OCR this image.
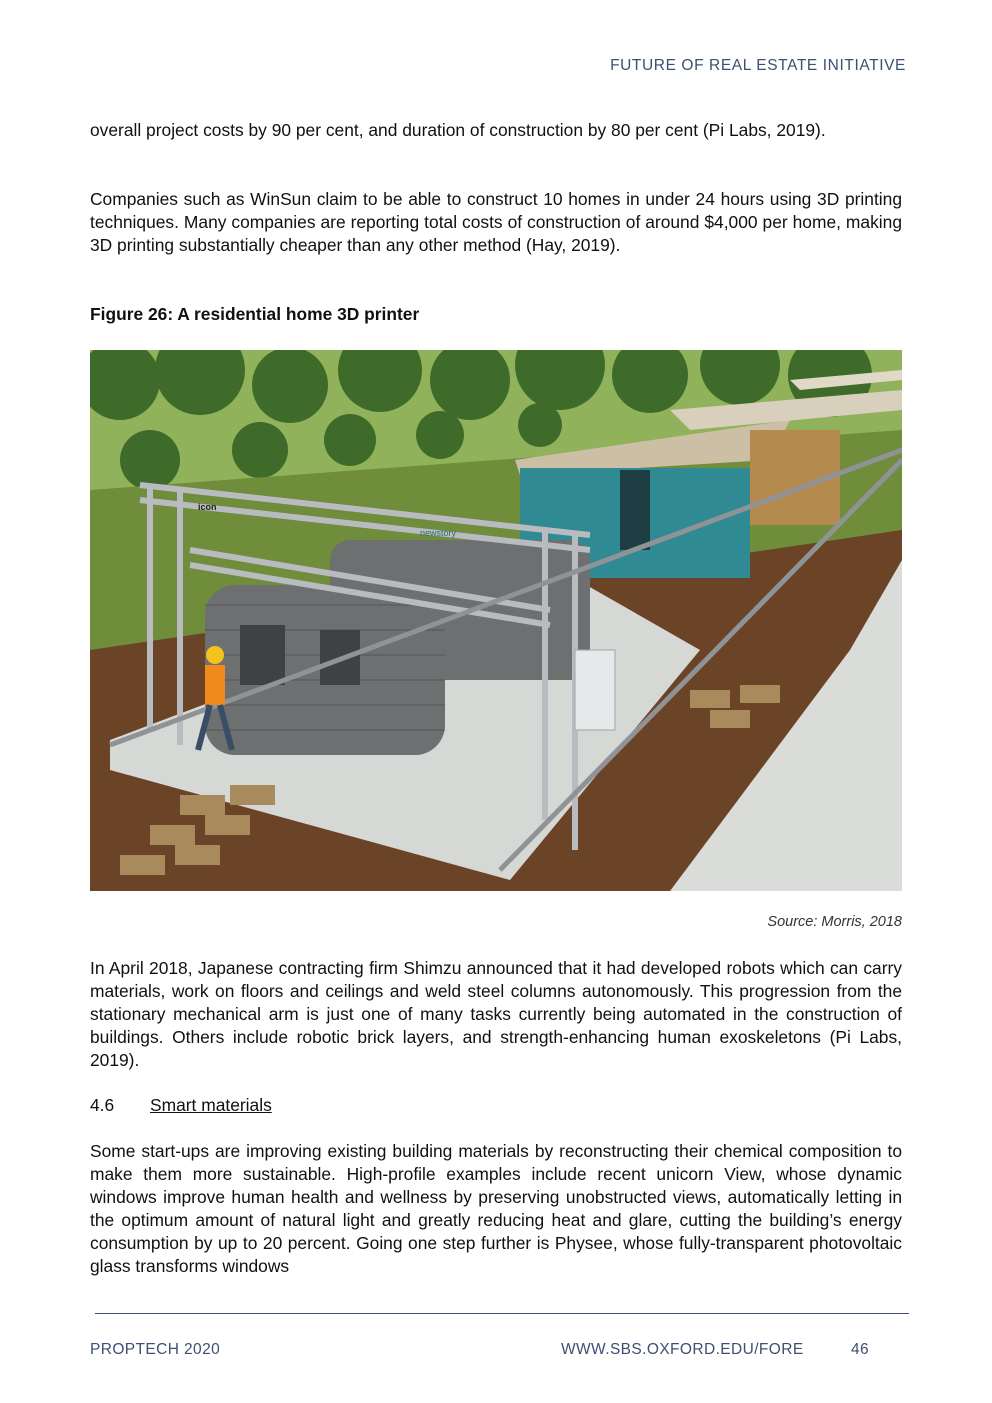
FUTURE OF REAL ESTATE INITIATIVE

overall project costs by 90 per cent, and duration of construction by 80 per cent (Pi Labs, 2019).

Companies such as WinSun claim to be able to construct 10 homes in under 24 hours using 3D printing techniques. Many companies are reporting total costs of construction of around $4,000 per home, making 3D printing substantially cheaper than any other method (Hay, 2019).

Figure 26: A residential home 3D printer
icon
newstory
Source: Morris, 2018

In April 2018, Japanese contracting firm Shimzu announced that it had developed robots which can carry materials, work on floors and ceilings and weld steel columns autonomously. This progression from the stationary mechanical arm is just one of many tasks currently being automated in the construction of buildings. Others include robotic brick layers, and strength-enhancing human exoskeletons (Pi Labs, 2019).

4.6 Smart materials

Some start-ups are improving existing building materials by reconstructing their chemical composition to make them more sustainable. High-profile examples include recent unicorn View, whose dynamic windows improve human health and wellness by preserving unobstructed views, automatically letting in the optimum amount of natural light and greatly reducing heat and glare, cutting the building’s energy consumption by up to 20 percent. Going one step further is Physee, whose fully-transparent photovoltaic glass transforms windows

PROPTECH 2020	WWW.SBS.OXFORD.EDU/FORE	46
